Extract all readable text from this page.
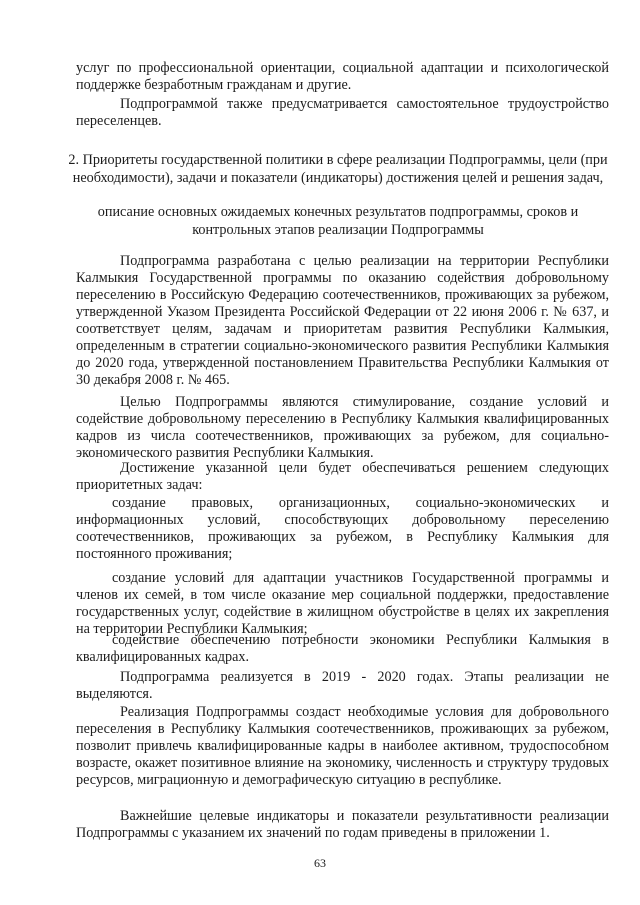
услуг по профессиональной ориентации, социальной адаптации и психологической поддержке безработным гражданам и другие.

Подпрограммой также предусматривается самостоятельное трудоустройство переселенцев.

2. Приоритеты государственной политики в сфере реализации Подпрограммы, цели (при необходимости), задачи и показатели (индикаторы) достижения целей и решения задач,
описание основных ожидаемых конечных результатов подпрограммы, сроков и контрольных этапов реализации Подпрограммы

Подпрограмма разработана с целью реализации на территории Республики Калмыкия Государственной программы по оказанию содействия добровольному переселению в Российскую Федерацию соотечественников, проживающих за рубежом, утвержденной Указом Президента Российской Федерации от 22 июня 2006 г. № 637, и соответствует целям, задачам и приоритетам развития Республики Калмыкия, определенным в стратегии социально-экономического развития Республики Калмыкия до 2020 года, утвержденной постановлением Правительства Республики Калмыкия от 30 декабря 2008 г. № 465.

Целью Подпрограммы являются стимулирование, создание условий и содействие добровольному переселению в Республику Калмыкия квалифицированных кадров из числа соотечественников, проживающих за рубежом, для социально-экономического развития Республики Калмыкия.

Достижение указанной цели будет обеспечиваться решением следующих приоритетных задач:

создание правовых, организационных, социально-экономических и информационных условий, способствующих добровольному переселению соотечественников, проживающих за рубежом, в Республику Калмыкия для постоянного проживания;

создание условий для адаптации участников Государственной программы и членов их семей, в том числе оказание мер социальной поддержки, предоставление государственных услуг, содействие в жилищном обустройстве в целях их закрепления на территории Республики Калмыкия;

содействие обеспечению потребности экономики Республики Калмыкия в квалифицированных кадрах.

Подпрограмма реализуется в 2019 - 2020 годах. Этапы реализации не выделяются.

Реализация Подпрограммы создаст необходимые условия для добровольного переселения в Республику Калмыкия соотечественников, проживающих за рубежом, позволит привлечь квалифицированные кадры в наиболее активном, трудоспособном возрасте, окажет позитивное влияние на экономику, численность и структуру трудовых ресурсов, миграционную и демографическую ситуацию в республике.

Важнейшие целевые индикаторы и показатели результативности реализации Подпрограммы с указанием их значений по годам приведены в приложении 1.

63
